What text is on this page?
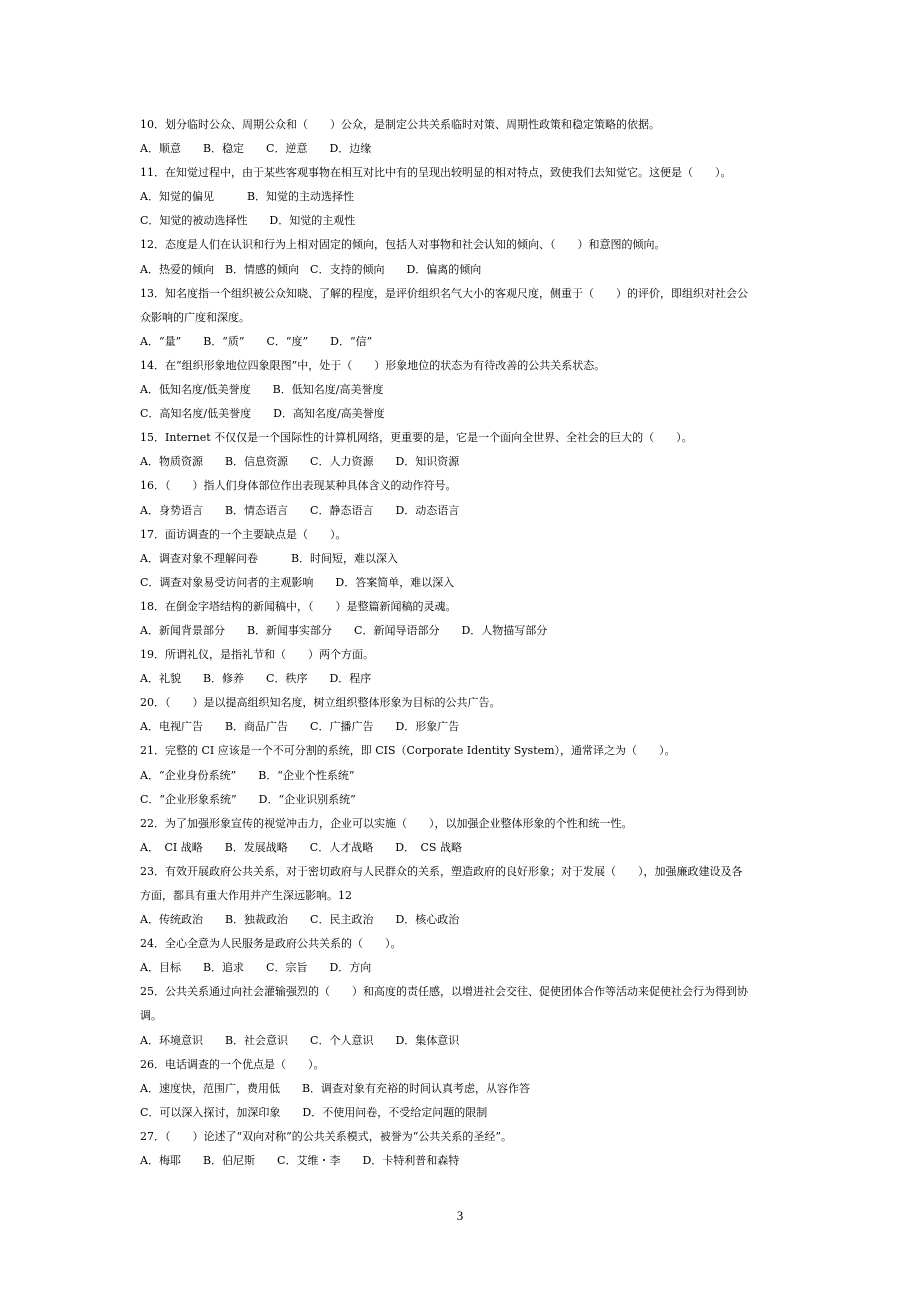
10．划分临时公众、周期公众和（　　）公众，是制定公共关系临时对策、周期性政策和稳定策略的依据。
A．顺意　　B．稳定　　C．逆意　　D．边缘
11．在知觉过程中，由于某些客观事物在相互对比中有的呈现出较明显的相对特点，致使我们去知觉它。这便是（　　）。
A．知觉的偏见　　　B．知觉的主动选择性
C．知觉的被动选择性　　D．知觉的主观性
12．态度是人们在认识和行为上相对固定的倾向，包括人对事物和社会认知的倾向、（　　）和意图的倾向。
A．热爱的倾向　B．情感的倾向　C．支持的倾向　　D．偏离的倾向
13．知名度指一个组织被公众知晓、了解的程度，是评价组织名气大小的客观尺度，侧重于（　　）的评价，即组织对社会公
众影响的广度和深度。
A．“量”　　B．“质”　　C．“度”　　D．“信”
14．在“组织形象地位四象限图”中，处于（　　）形象地位的状态为有待改善的公共关系状态。
A．低知名度/低美誉度　　B．低知名度/高美誉度
C．高知名度/低美誉度　　D．高知名度/高美誉度
15．Internet 不仅仅是一个国际性的计算机网络，更重要的是，它是一个面向全世界、全社会的巨大的（　　）。
A．物质资源　　B．信息资源　　C．人力资源　　D．知识资源
16．（　　）指人们身体部位作出表现某种具体含义的动作符号。
A．身势语言　　B．情态语言　　C．静态语言　　D．动态语言
17．面访调查的一个主要缺点是（　　）。
A．调查对象不理解问卷　　　B．时间短，难以深入
C．调查对象易受访问者的主观影响　　D．答案简单，难以深入
18．在倒金字塔结构的新闻稿中，（　　）是整篇新闻稿的灵魂。
A．新闻背景部分　　B．新闻事实部分　　C．新闻导语部分　　D．人物描写部分
19．所谓礼仪，是指礼节和（　　）两个方面。
A．礼貌　　B．修养　　C．秩序　　D．程序
20．（　　）是以提高组织知名度，树立组织整体形象为目标的公共广告。
A．电视广告　　B．商品广告　　C．广播广告　　D．形象广告
21．完整的 CI 应该是一个不可分割的系统，即 CIS（Corporate Identity System），通常译之为（　　）。
A．“企业身份系统”　　B．“企业个性系统”
C．“企业形象系统”　　D．“企业识别系统”
22．为了加强形象宣传的视觉冲击力，企业可以实施（　　），以加强企业整体形象的个性和统一性。
A．　CI 战略　　B．发展战略　　C．人才战略　　D．　CS 战略
23．有效开展政府公共关系，对于密切政府与人民群众的关系，塑造政府的良好形象；对于发展（　　），加强廉政建设及各
方面，都具有重大作用并产生深远影响。12
A．传统政治　　B．独裁政治　　C．民主政治　　D．核心政治
24．全心全意为人民服务是政府公共关系的（　　）。
A．目标　　B．追求　　C．宗旨　　D．方向
25．公共关系通过向社会灌输强烈的（　　）和高度的责任感，以增进社会交往、促使团体合作等活动来促使社会行为得到协
调。
A．环境意识　　B．社会意识　　C．个人意识　　D．集体意识
26．电话调查的一个优点是（　　）。
A．速度快，范围广，费用低　　B．调查对象有充裕的时间认真考虑，从容作答
C．可以深入探讨，加深印象　　D．不使用问卷，不受给定问题的限制
27．（　　）论述了“双向对称”的公共关系模式，被誉为“公共关系的圣经”。
A．梅耶　　B．伯尼斯　　C．艾维・李　　D．卡特利普和森特
3
